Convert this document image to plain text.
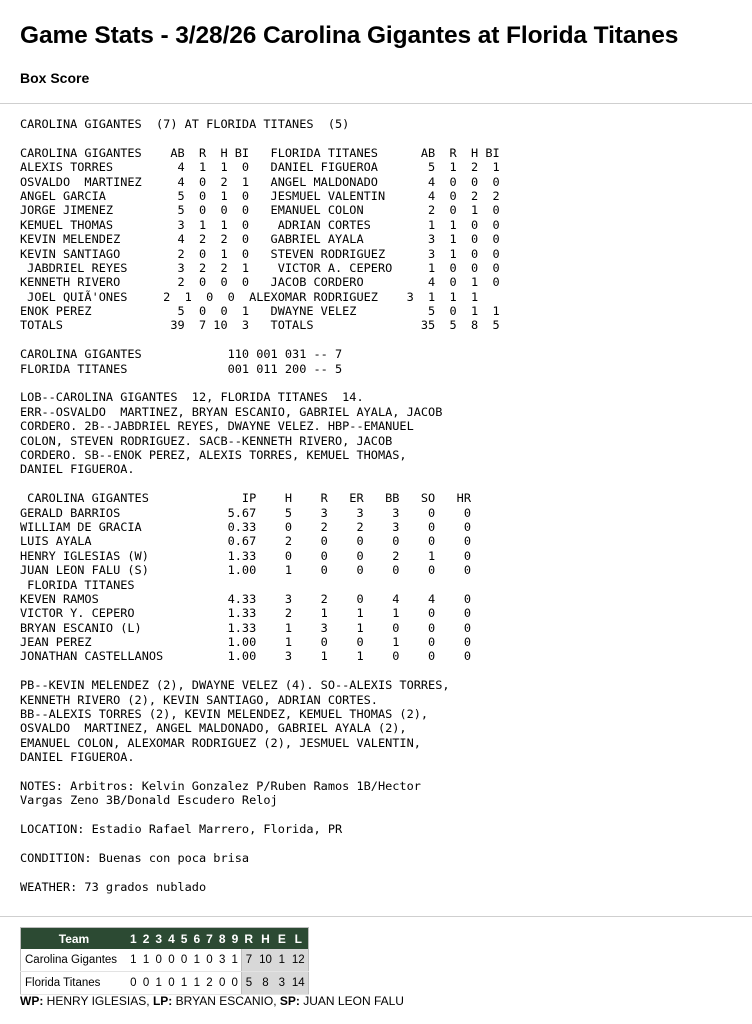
Game Stats - 3/28/26 Carolina Gigantes at Florida Titanes
Box Score
CAROLINA GIGANTES  (7) AT FLORIDA TITANES  (5)
CAROLINA GIGANTES    AB  R  H BI   FLORIDA TITANES      AB  R  H BI
ALEXIS TORRES         4  1  1  0   DANIEL FIGUEROA       5  1  2  1
OSVALDO  MARTINEZ     4  0  2  1   ANGEL MALDONADO       4  0  0  0
ANGEL GARCIA          5  0  1  0   JESMUEL VALENTIN      4  0  2  2
JORGE JIMENEZ         5  0  0  0   EMANUEL COLON         2  0  1  0
KEMUEL THOMAS         3  1  1  0    ADRIAN CORTES        1  1  0  0
KEVIN MELENDEZ        4  2  2  0   GABRIEL AYALA         3  1  0  0
KEVIN SANTIAGO        2  0  1  0   STEVEN RODRIGUEZ      3  1  0  0
JABDRIEL REYES       3  2  2  1    VICTOR A. CEPERO     1  0  0  0
KENNETH RIVERO        2  0  0  0   JACOB CORDERO         4  0  1  0
JOEL QUIÃ'ONES     2  1  0  0  ALEXOMAR RODRIGUEZ    3  1  1  1
ENOK PEREZ            5  0  0  1   DWAYNE VELEZ          5  0  1  1
TOTALS               39  7 10  3   TOTALS               35  5  8  5
CAROLINA GIGANTES            110 001 031 -- 7
FLORIDA TITANES              001 011 200 -- 5
LOB--CAROLINA GIGANTES  12, FLORIDA TITANES  14.
ERR--OSVALDO  MARTINEZ, BRYAN ESCANIO, GABRIEL AYALA, JACOB
CORDERO. 2B--JABDRIEL REYES, DWAYNE VELEZ. HBP--EMANUEL
COLON, STEVEN RODRIGUEZ. SACB--KENNETH RIVERO, JACOB
CORDERO. SB--ENOK PEREZ, ALEXIS TORRES, KEMUEL THOMAS,
DANIEL FIGUEROA.
CAROLINA GIGANTES             IP    H    R   ER   BB   SO   HR
GERALD BARRIOS               5.67    5    3    3    3    0    0
WILLIAM DE GRACIA            0.33    0    2    2    3    0    0
LUIS AYALA                   0.67    2    0    0    0    0    0
HENRY IGLESIAS (W)           1.33    0    0    0    2    1    0
JUAN LEON FALU (S)           1.00    1    0    0    0    0    0
FLORIDA TITANES
KEVEN RAMOS                  4.33    3    2    0    4    4    0
VICTOR Y. CEPERO             1.33    2    1    1    1    0    0
BRYAN ESCANIO (L)            1.33    1    3    1    0    0    0
JEAN PEREZ                   1.00    1    0    0    1    0    0
JONATHAN CASTELLANOS         1.00    3    1    1    0    0    0
PB--KEVIN MELENDEZ (2), DWAYNE VELEZ (4). SO--ALEXIS TORRES,
KENNETH RIVERO (2), KEVIN SANTIAGO, ADRIAN CORTES.
BB--ALEXIS TORRES (2), KEVIN MELENDEZ, KEMUEL THOMAS (2),
OSVALDO  MARTINEZ, ANGEL MALDONADO, GABRIEL AYALA (2),
EMANUEL COLON, ALEXOMAR RODRIGUEZ (2), JESMUEL VALENTIN,
DANIEL FIGUEROA.
NOTES: Arbitros: Kelvin Gonzalez P/Ruben Ramos 1B/Hector
Vargas Zeno 3B/Donald Escudero Reloj
LOCATION: Estadio Rafael Marrero, Florida, PR
CONDITION: Buenas con poca brisa
WEATHER: 73 grados nublado
Team	1	2	3	4	5	6	7	8	9	R	H	E	L
Carolina Gigantes	1	1	0	0	0	1	0	3	1	7	10	1	12
Florida Titanes	0	0	1	0	1	1	2	0	0	5	8	3	14
WP: HENRY IGLESIAS, LP: BRYAN ESCANIO, SP: JUAN LEON FALU
